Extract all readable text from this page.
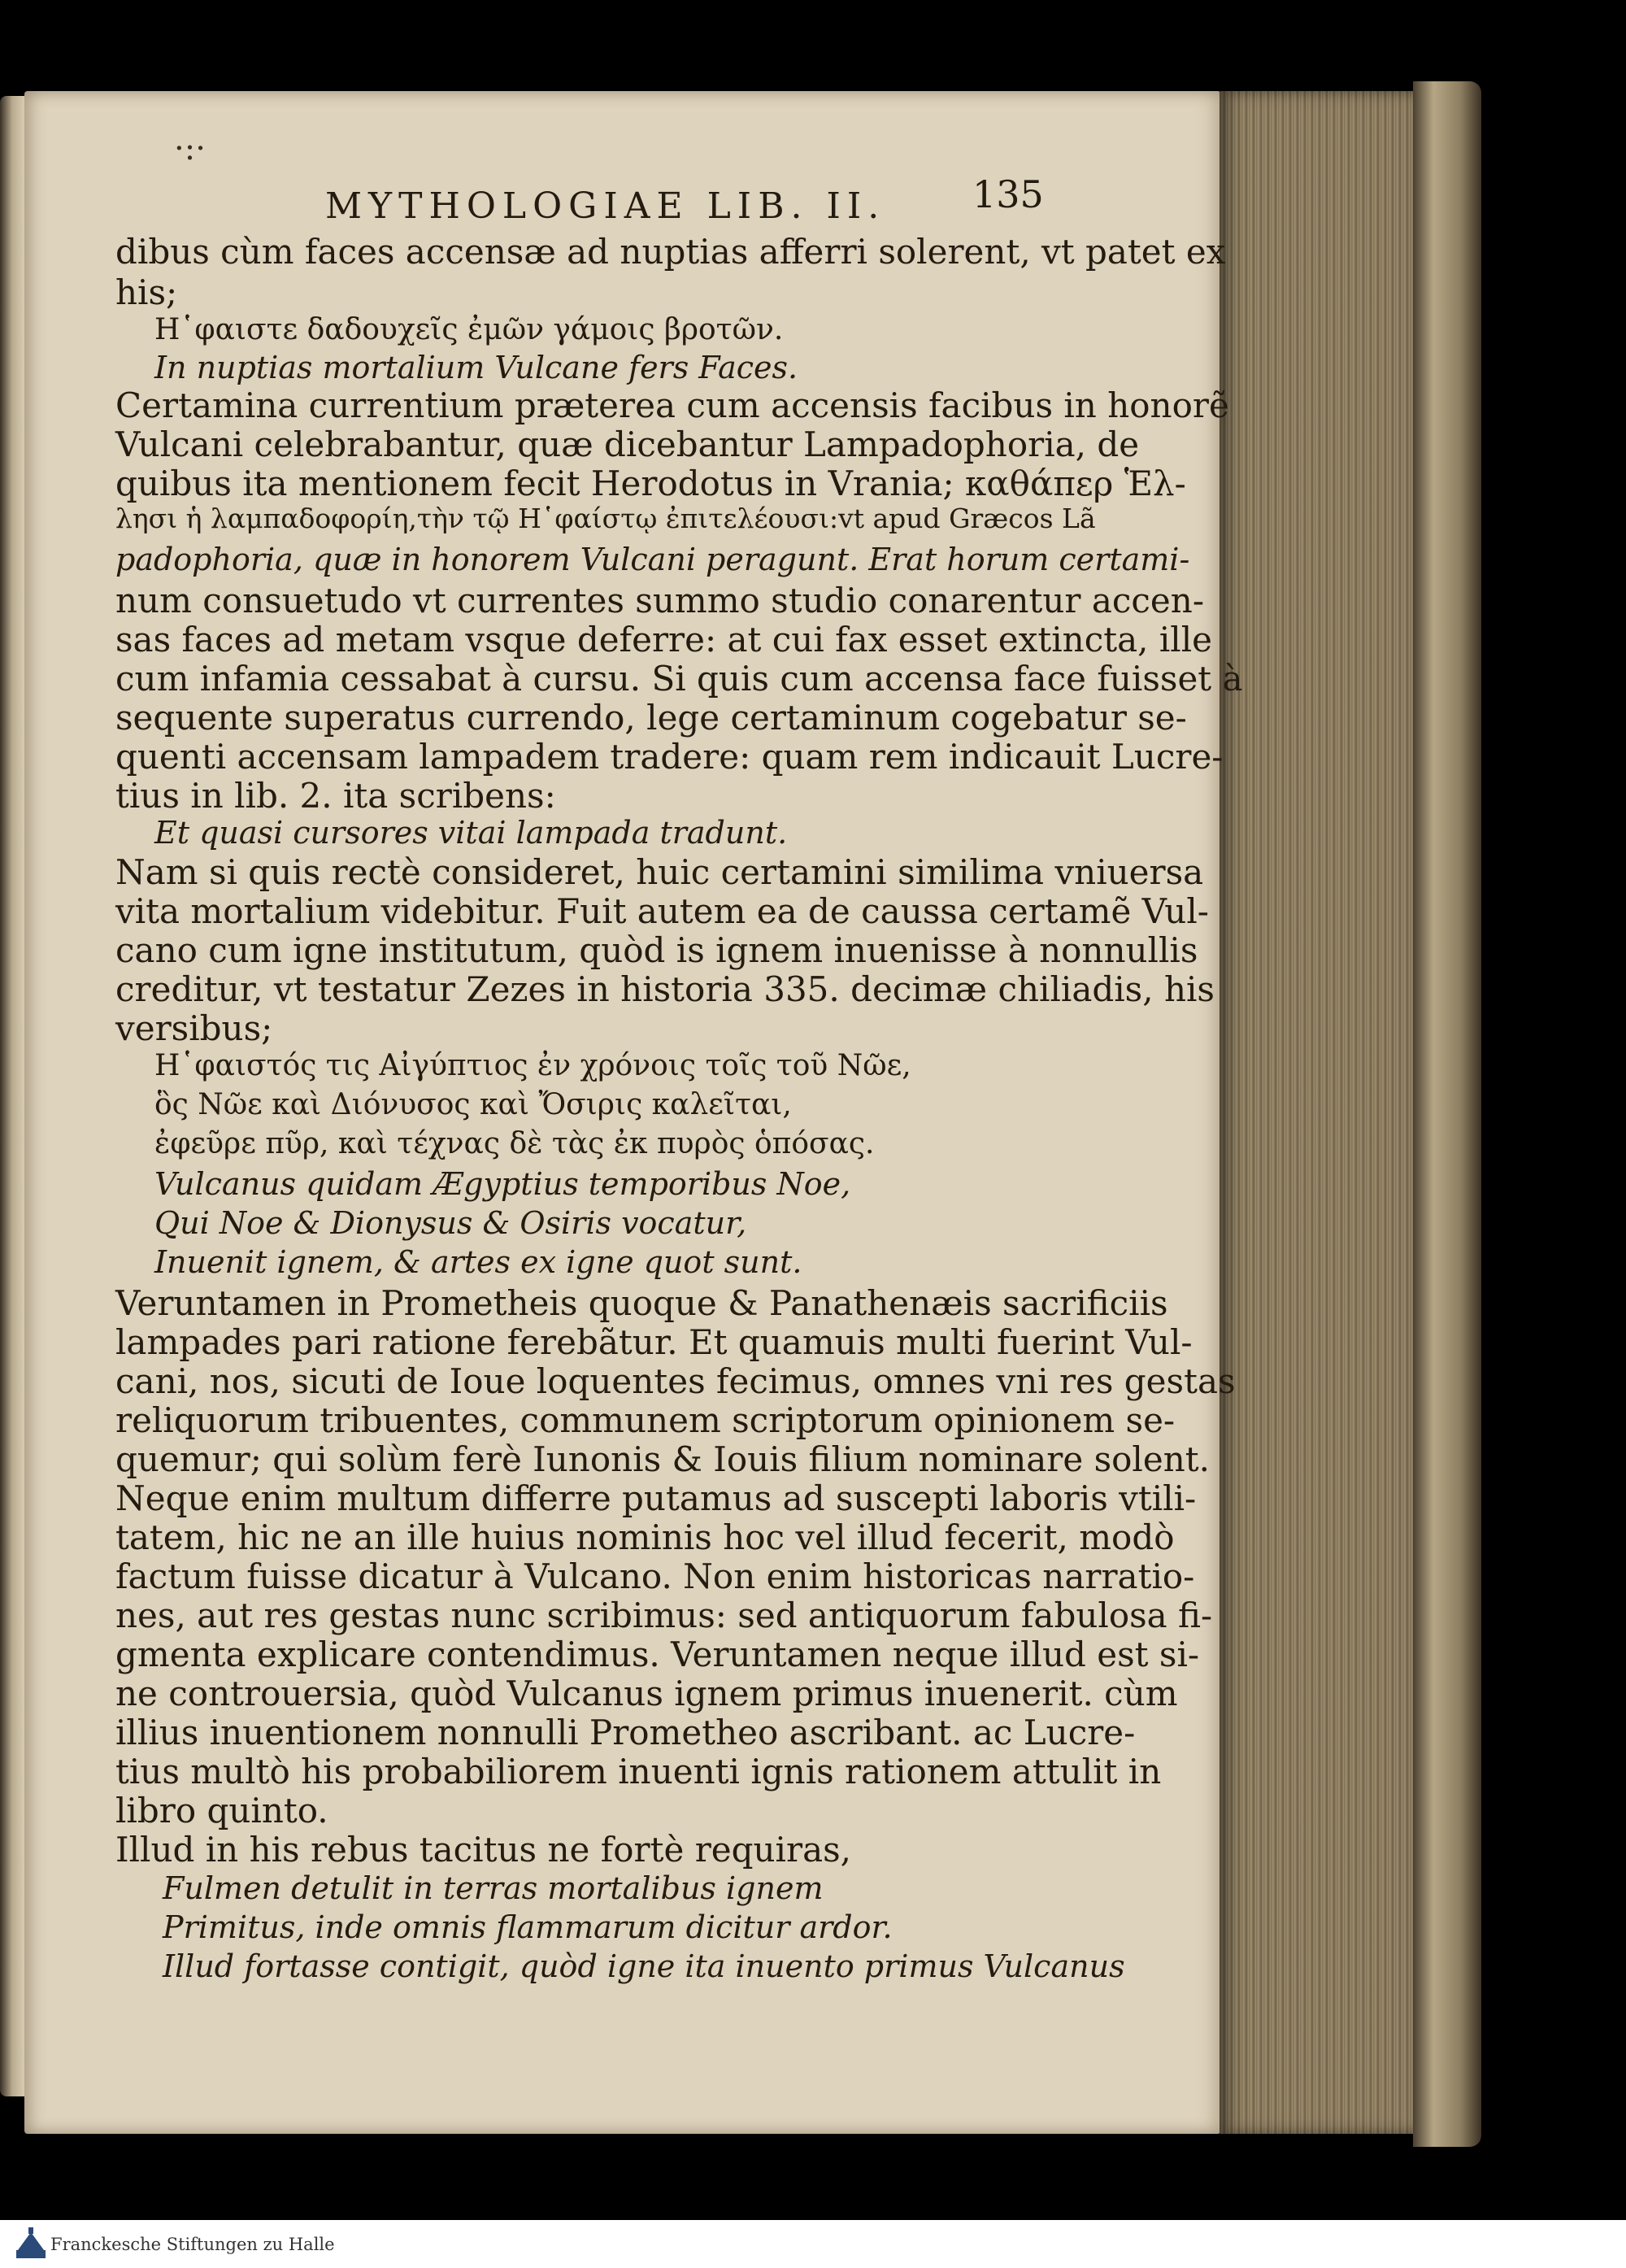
·:·
MYTHOLOGIAE LIB. II. 135
dibus cùm faces accensæ ad nuptias afferri solerent, vt patet ex
his;
Η῾φαιστε δαδουχεῖς ἐμῶν γάμοις βροτῶν.
In nuptias mortalium Vulcane fers Faces.
Certamina currentium præterea cum accensis facibus in honorẽ
Vulcani celebrabantur, quæ dicebantur Lampadophoria, de
quibus ita mentionem fecit Herodotus in Vrania; καθάπερ Ἑλ-
λησι ἡ λαμπαδοφορίη,τὴν τῷ Η῾φαίστῳ ἐπιτελέουσι:vt apud Græcos Lã
padophoria, quæ in honorem Vulcani peragunt. Erat horum certami-
num consuetudo vt currentes summo studio conarentur accen-
sas faces ad metam vsque deferre: at cui fax esset extincta, ille
cum infamia cessabat à cursu. Si quis cum accensa face fuisset à
sequente superatus currendo, lege certaminum cogebatur se-
quenti accensam lampadem tradere: quam rem indicauit Lucre-
tius in lib. 2. ita scribens:
Et quasi cursores vitai lampada tradunt.
Nam si quis rectè consideret, huic certamini similima vniuersa
vita mortalium videbitur. Fuit autem ea de caussa certamẽ Vul-
cano cum igne institutum, quòd is ignem inuenisse à nonnullis
creditur, vt testatur Zezes in historia 335. decimæ chiliadis, his
versibus;
Η῾φαιστός τις Αἰγύπτιος ἐν χρόνοις τοῖς τοῦ Νῶε,
ὃς Νῶε καὶ Διόνυσος καὶ Ὄσιρις καλεῖται,
ἐφεῦρε πῦρ, καὶ τέχνας δὲ τὰς ἐκ πυρὸς ὁπόσας.
Vulcanus quidam Ægyptius temporibus Noe,
Qui Noe & Dionysus & Osiris vocatur,
Inuenit ignem, & artes ex igne quot sunt.
Veruntamen in Prometheis quoque & Panathenæis sacrificiis
lampades pari ratione ferebãtur. Et quamuis multi fuerint Vul-
cani, nos, sicuti de Ioue loquentes fecimus, omnes vni res gestas
reliquorum tribuentes, communem scriptorum opinionem se-
quemur; qui solùm ferè Iunonis & Iouis filium nominare solent.
Neque enim multum differre putamus ad suscepti laboris vtili-
tatem, hic ne an ille huius nominis hoc vel illud fecerit, modò
factum fuisse dicatur à Vulcano. Non enim historicas narratio-
nes, aut res gestas nunc scribimus: sed antiquorum fabulosa fi-
gmenta explicare contendimus. Veruntamen neque illud est si-
ne controuersia, quòd Vulcanus ignem primus inuenerit. cùm
illius inuentionem nonnulli Prometheo ascribant. ac Lucre-
tius multò his probabiliorem inuenti ignis rationem attulit in
libro quinto.
Illud in his rebus tacitus ne fortè requiras,
Fulmen detulit in terras mortalibus ignem
Primitus, inde omnis flammarum dicitur ardor.
Illud fortasse contigit, quòd igne ita inuento primus Vulcanus
Franckesche Stiftungen zu Halle
